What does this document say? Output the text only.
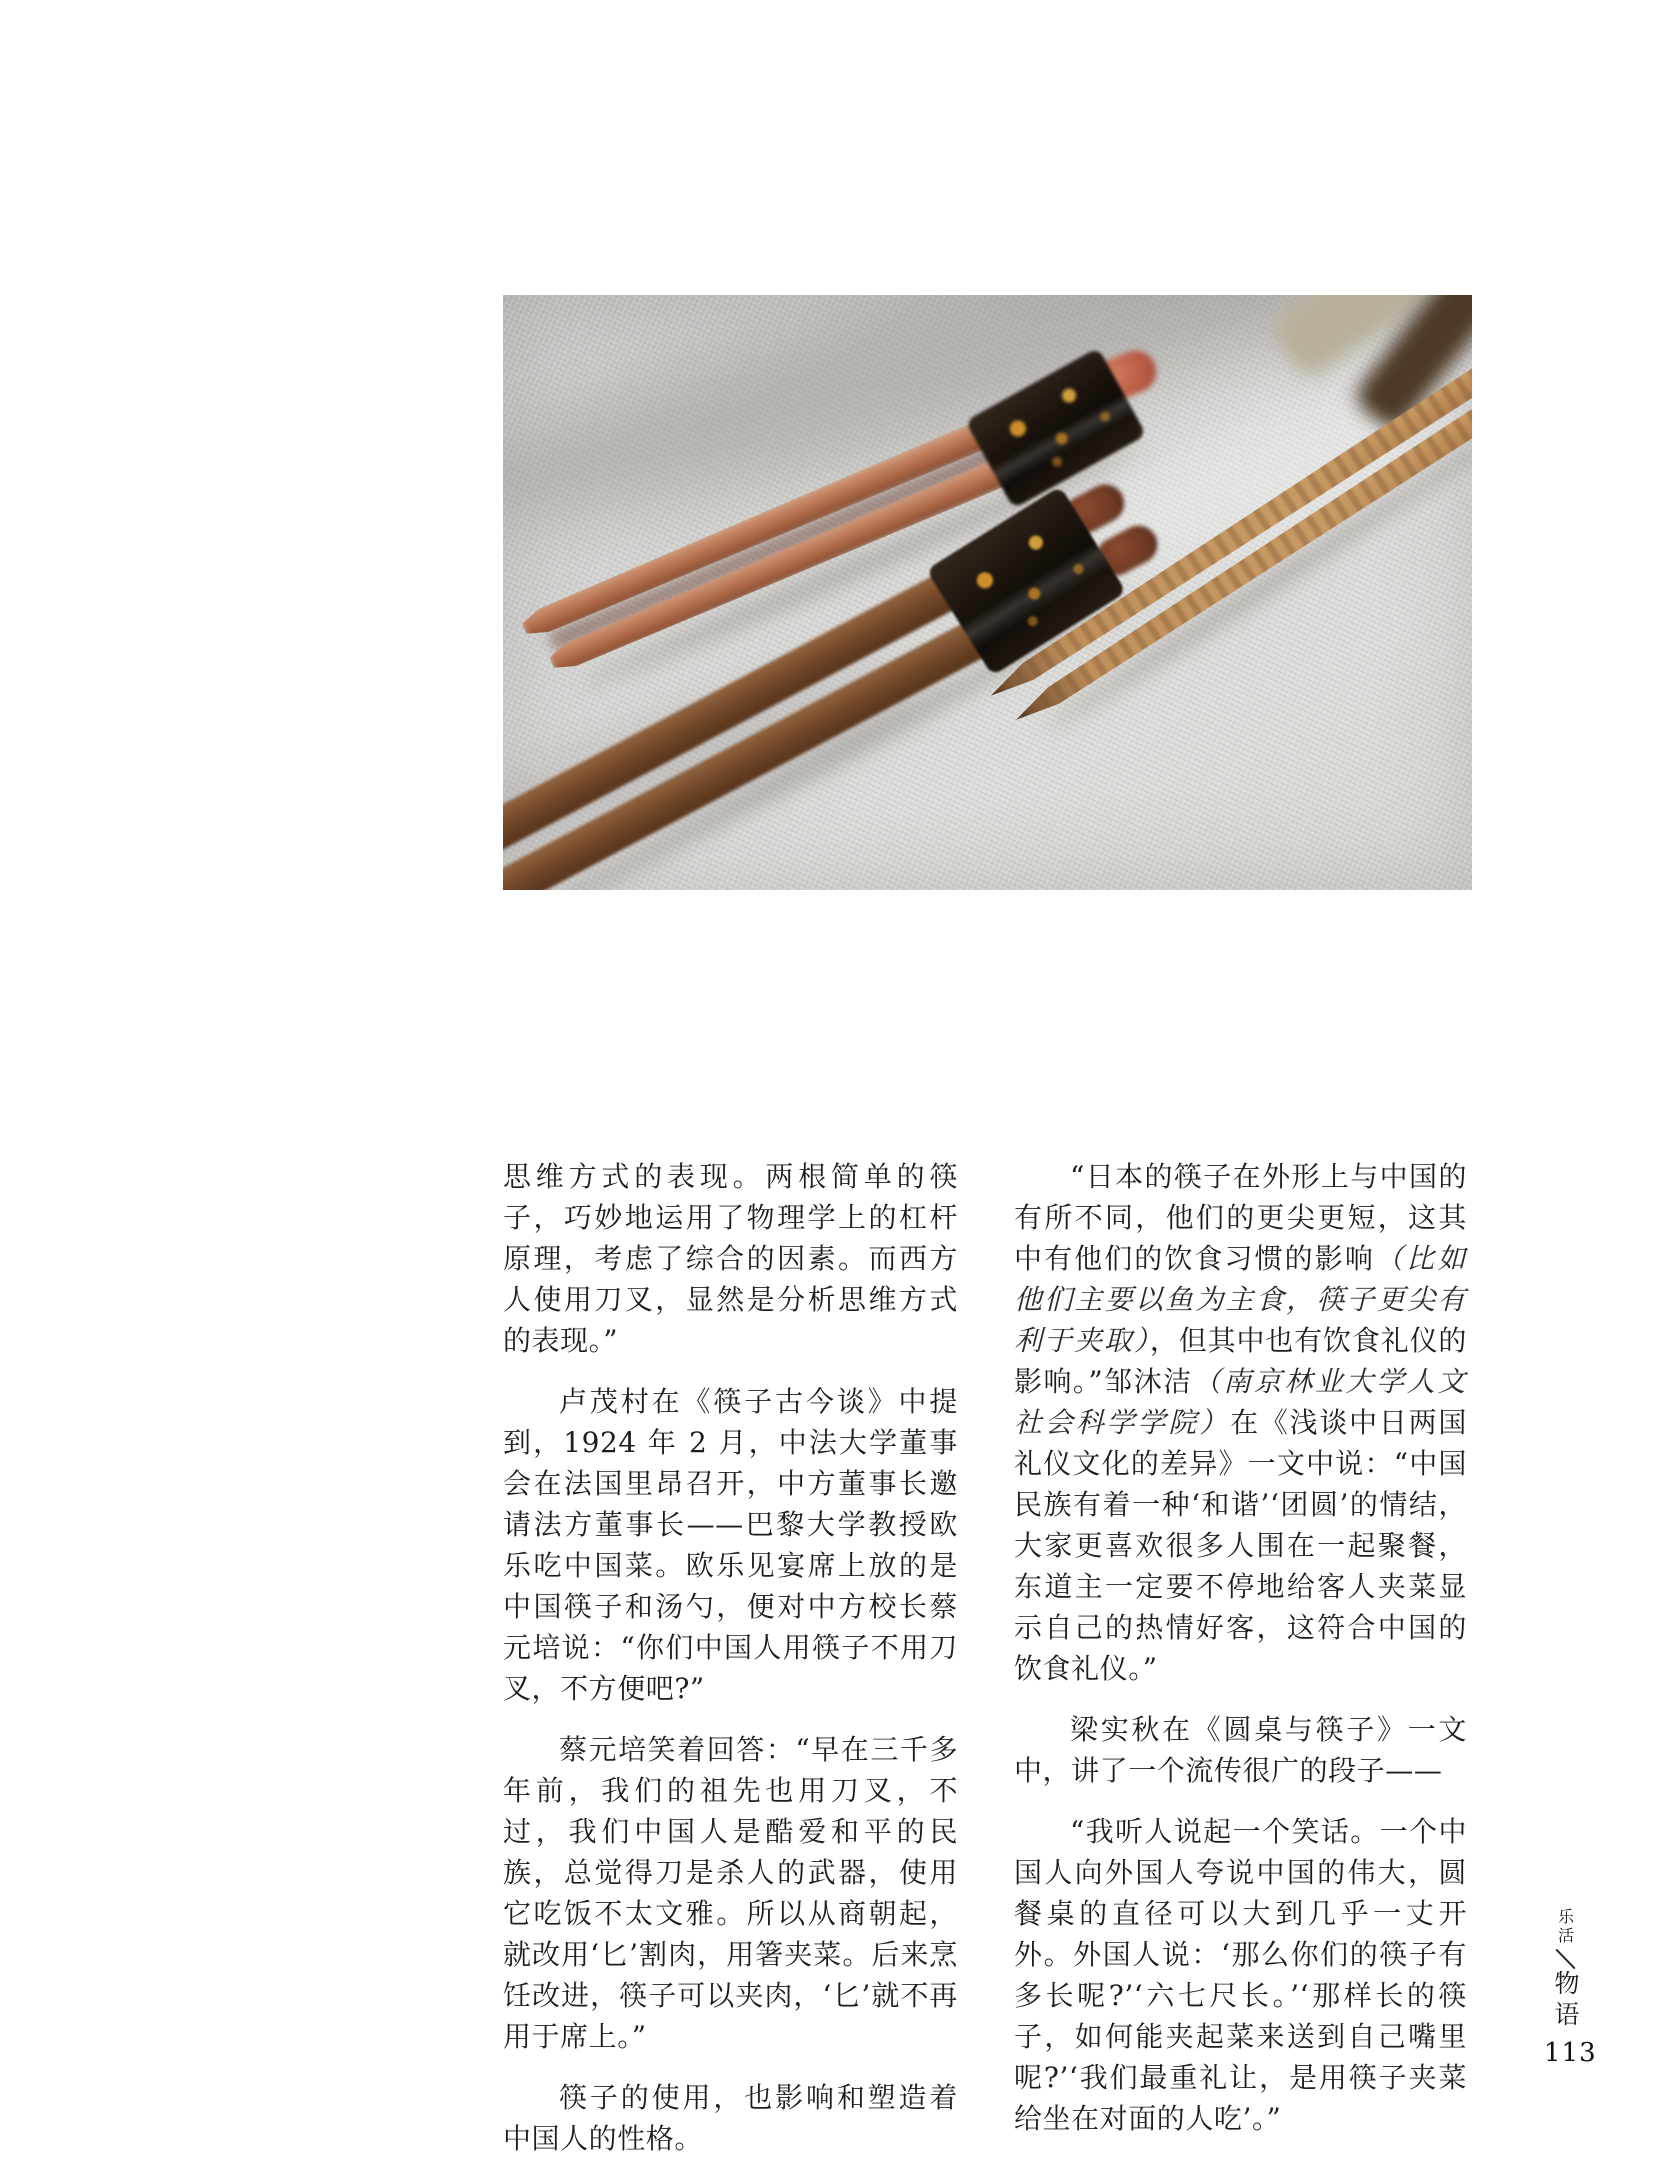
思维方式的表现。两根简单的筷子，巧妙地运用了物理学上的杠杆原理，考虑了综合的因素。而西方人使用刀叉，显然是分析思维方式的表现。”

卢茂村在《筷子古今谈》中提到，1924 年 2 月，中法大学董事会在法国里昂召开，中方董事长邀请法方董事长——巴黎大学教授欧乐吃中国菜。欧乐见宴席上放的是中国筷子和汤勺，便对中方校长蔡元培说：“你们中国人用筷子不用刀叉，不方便吧?”

蔡元培笑着回答：“早在三千多年前，我们的祖先也用刀叉，不过，我们中国人是酷爱和平的民族，总觉得刀是杀人的武器，使用它吃饭不太文雅。所以从商朝起，就改用‘匕’割肉，用箸夹菜。后来烹饪改进，筷子可以夹肉，‘匕’就不再用于席上。”

筷子的使用，也影响和塑造着中国人的性格。

“日本的筷子在外形上与中国的有所不同，他们的更尖更短，这其中有他们的饮食习惯的影响（比如他们主要以鱼为主食，筷子更尖有利于夹取），但其中也有饮食礼仪的影响。”邹沐洁（南京林业大学人文社会科学学院）在《浅谈中日两国礼仪文化的差异》一文中说：“中国民族有着一种‘和谐’‘团圆’的情结，大家更喜欢很多人围在一起聚餐，东道主一定要不停地给客人夹菜显示自己的热情好客，这符合中国的饮食礼仪。”

梁实秋在《圆桌与筷子》一文中，讲了一个流传很广的段子——

“我听人说起一个笑话。一个中国人向外国人夸说中国的伟大，圆餐桌的直径可以大到几乎一丈开外。外国人说：‘那么你们的筷子有多长呢?’‘六七尺长。’‘那样长的筷子，如何能夹起菜来送到自己嘴里呢?’‘我们最重礼让，是用筷子夹菜给坐在对面的人吃’。”

乐活
物语
113
